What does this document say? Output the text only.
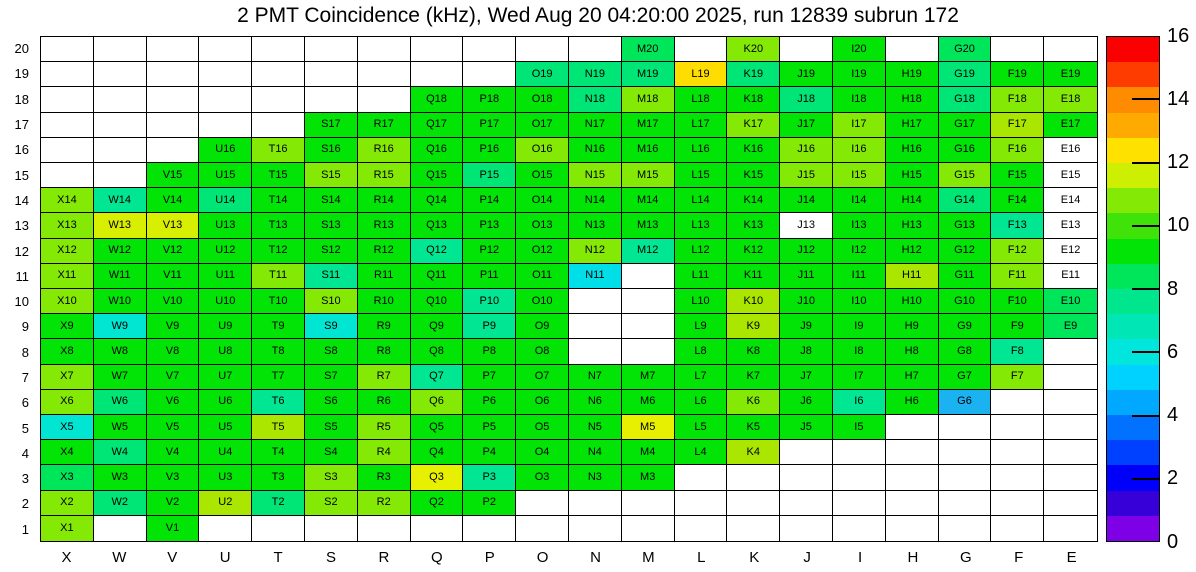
2 PMT Coincidence (kHz), Wed Aug 20 04:20:00 2025, run 12839 subrun 172
20
19
18
17
16
15
14
13
12
11
10
9
8
7
6
5
4
3
2
1
M20	K20	I20	G20
O19	N19	M19	L19	K19	J19	I19	H19	G19	F19	E19
Q18	P18	O18	N18	M18	L18	K18	J18	I18	H18	G18	F18	E18
S17	R17	Q17	P17	O17	N17	M17	L17	K17	J17	I17	H17	G17	F17	E17
U16	T16	S16	R16	Q16	P16	O16	N16	M16	L16	K16	J16	I16	H16	G16	F16	E16
V15	U15	T15	S15	R15	Q15	P15	O15	N15	M15	L15	K15	J15	I15	H15	G15	F15	E15
X14	W14	V14	U14	T14	S14	R14	Q14	P14	O14	N14	M14	L14	K14	J14	I14	H14	G14	F14	E14
X13	W13	V13	U13	T13	S13	R13	Q13	P13	O13	N13	M13	L13	K13	J13	I13	H13	G13	F13	E13
X12	W12	V12	U12	T12	S12	R12	Q12	P12	O12	N12	M12	L12	K12	J12	I12	H12	G12	F12	E12
X11	W11	V11	U11	T11	S11	R11	Q11	P11	O11	N11	L11	K11	J11	I11	H11	G11	F11	E11
X10	W10	V10	U10	T10	S10	R10	Q10	P10	O10	L10	K10	J10	I10	H10	G10	F10	E10
X9	W9	V9	U9	T9	S9	R9	Q9	P9	O9	L9	K9	J9	I9	H9	G9	F9	E9
X8	W8	V8	U8	T8	S8	R8	Q8	P8	O8	L8	K8	J8	I8	H8	G8	F8
X7	W7	V7	U7	T7	S7	R7	Q7	P7	O7	N7	M7	L7	K7	J7	I7	H7	G7	F7
X6	W6	V6	U6	T6	S6	R6	Q6	P6	O6	N6	M6	L6	K6	J6	I6	H6	G6
X5	W5	V5	U5	T5	S5	R5	Q5	P5	O5	N5	M5	L5	K5	J5	I5
X4	W4	V4	U4	T4	S4	R4	Q4	P4	O4	N4	M4	L4	K4
X3	W3	V3	U3	T3	S3	R3	Q3	P3	O3	N3	M3
X2	W2	V2	U2	T2	S2	R2	Q2	P2
X1	V1
X	W	V	U	T	S	R	Q	P	O	N	M	L	K	J	I	H	G	F	E
0
2
4
6
8
10
12
14
16
